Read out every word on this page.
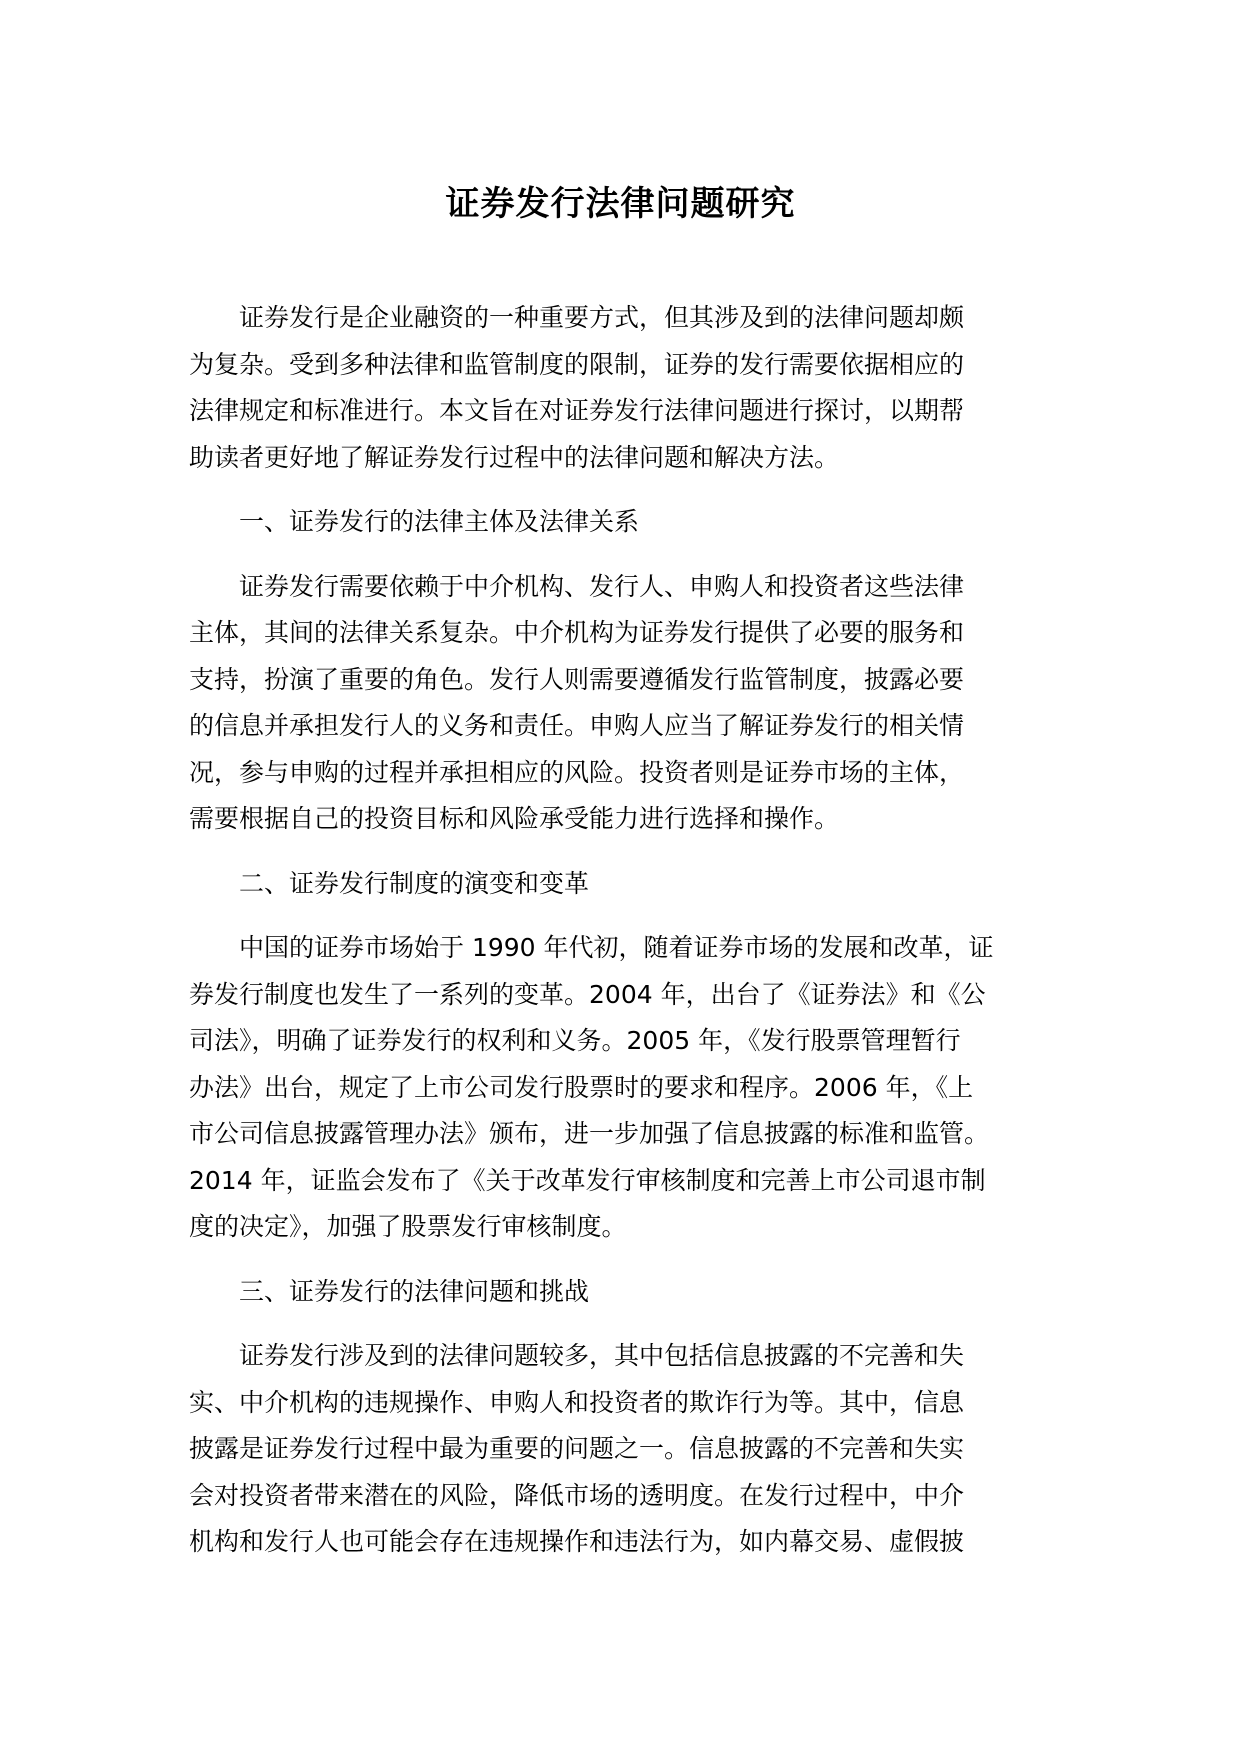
证券发行法律问题研究
证券发行是企业融资的一种重要方式，但其涉及到的法律问题却颇
为复杂。受到多种法律和监管制度的限制，证券的发行需要依据相应的
法律规定和标准进行。本文旨在对证券发行法律问题进行探讨，以期帮
助读者更好地了解证券发行过程中的法律问题和解决方法。
一、证券发行的法律主体及法律关系
证券发行需要依赖于中介机构、发行人、申购人和投资者这些法律
主体，其间的法律关系复杂。中介机构为证券发行提供了必要的服务和
支持，扮演了重要的角色。发行人则需要遵循发行监管制度，披露必要
的信息并承担发行人的义务和责任。申购人应当了解证券发行的相关情
况，参与申购的过程并承担相应的风险。投资者则是证券市场的主体，
需要根据自己的投资目标和风险承受能力进行选择和操作。
二、证券发行制度的演变和变革
中国的证券市场始于 1990 年代初，随着证券市场的发展和改革，证
券发行制度也发生了一系列的变革。2004 年，出台了《证券法》和《公
司法》，明确了证券发行的权利和义务。2005 年，《发行股票管理暂行
办法》出台，规定了上市公司发行股票时的要求和程序。2006 年，《上
市公司信息披露管理办法》颁布，进一步加强了信息披露的标准和监管。
2014 年，证监会发布了《关于改革发行审核制度和完善上市公司退市制
度的决定》，加强了股票发行审核制度。
三、证券发行的法律问题和挑战
证券发行涉及到的法律问题较多，其中包括信息披露的不完善和失
实、中介机构的违规操作、申购人和投资者的欺诈行为等。其中，信息
披露是证券发行过程中最为重要的问题之一。信息披露的不完善和失实
会对投资者带来潜在的风险，降低市场的透明度。在发行过程中，中介
机构和发行人也可能会存在违规操作和违法行为，如内幕交易、虚假披
